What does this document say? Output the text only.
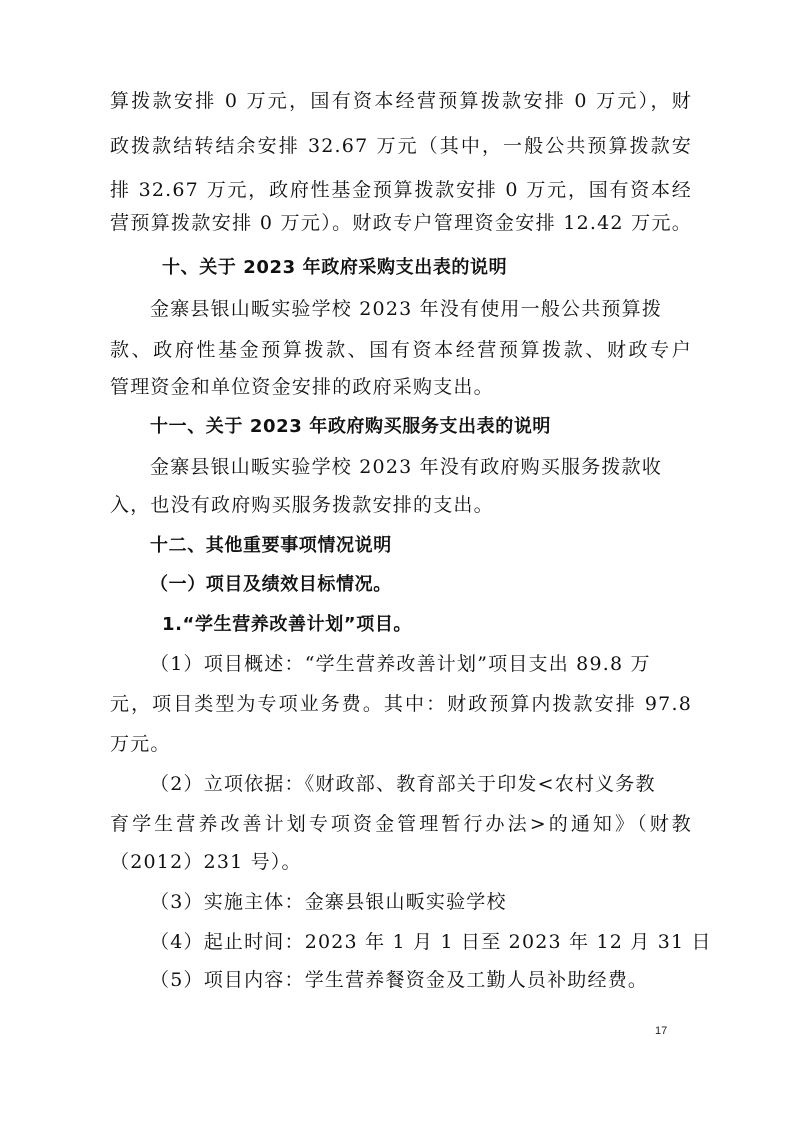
算拨款安排 0 万元，国有资本经营预算拨款安排 0 万元），财
政拨款结转结余安排 32.67 万元（其中，一般公共预算拨款安
排 32.67 万元，政府性基金预算拨款安排 0 万元，国有资本经
营预算拨款安排 0 万元）。财政专户管理资金安排 12.42 万元。
十、关于 2023 年政府采购支出表的说明
金寨县银山畈实验学校 2023 年没有使用一般公共预算拨
款、政府性基金预算拨款、国有资本经营预算拨款、财政专户
管理资金和单位资金安排的政府采购支出。
十一、关于 2023 年政府购买服务支出表的说明
金寨县银山畈实验学校 2023 年没有政府购买服务拨款收
入，也没有政府购买服务拨款安排的支出。
十二、其他重要事项情况说明
（一）项目及绩效目标情况。
1.“学生营养改善计划”项目。
（1）项目概述：“学生营养改善计划”项目支出 89.8 万
元，项目类型为专项业务费。其中：财政预算内拨款安排 97.8
万元。
（2）立项依据：《财政部、教育部关于印发<农村义务教
育学生营养改善计划专项资金管理暂行办法>的通知》（财教
（2012）231 号）。
（3）实施主体：金寨县银山畈实验学校
（4）起止时间：2023 年 1 月 1 日至 2023 年 12 月 31 日
（5）项目内容：学生营养餐资金及工勤人员补助经费。
17
